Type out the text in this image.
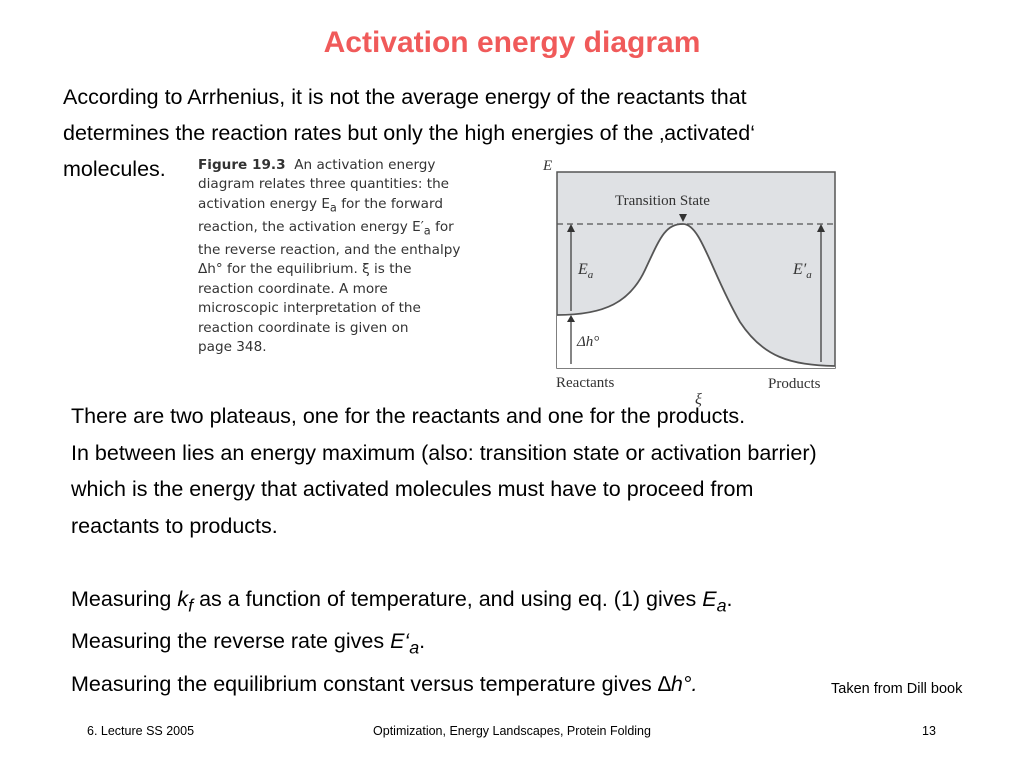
Activation energy diagram
According to Arrhenius, it is not the average energy of the reactants that
determines the reaction rates but only the high energies of the ‚activated‘
molecules.	Figure 19.3 An activation energy
diagram relates three quantities: the
activation energy $E_a$ for the forward
reaction, the activation energy $E'_a$ for
the reverse reaction, and the enthalpy
Δh° for the equilibrium. ξ is the
reaction coordinate. A more
microscopic interpretation of the
reaction coordinate is given on
page 348.
E
Transition State
$E_a$	$E'_a$
Δh°
Reactants	Products
ξ
There are two plateaus, one for the reactants and one for the products.
In between lies an energy maximum (also: transition state or activation barrier)
which is the energy that activated molecules must have to proceed from
reactants to products.
Measuring $k_f$ as a function of temperature, and using eq. (1) gives $E_a$.
Measuring the reverse rate gives $E‘_a$.
Measuring the equilibrium constant versus temperature gives ∆h°.	Taken from Dill book
6. Lecture SS 2005	Optimization, Energy Landscapes, Protein Folding	13
